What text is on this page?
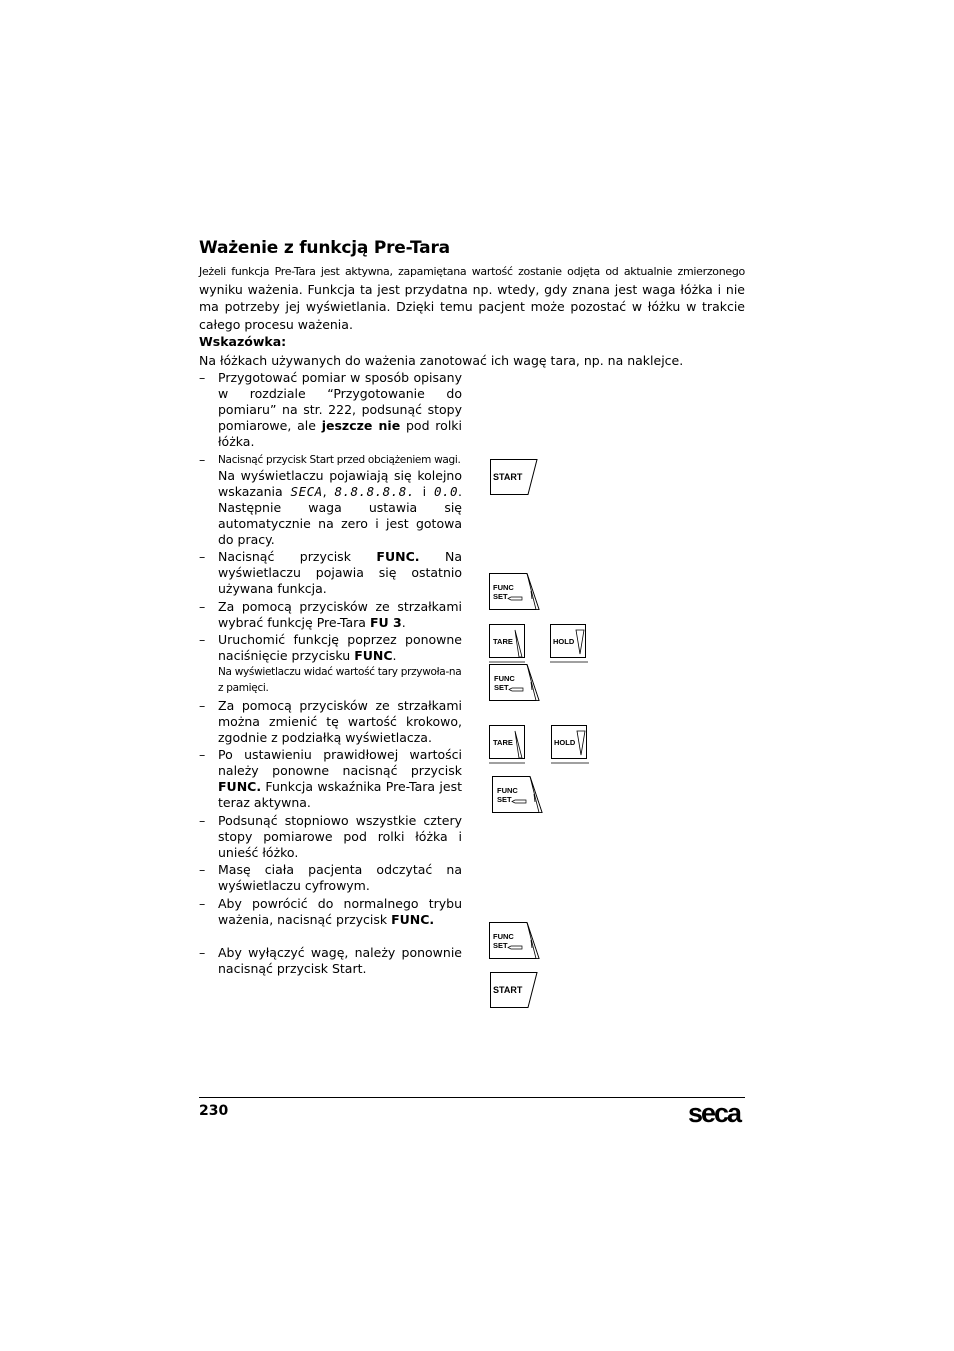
Ważenie z funkcją Pre-Tara
Jeżeli funkcja Pre-Tara jest aktywna, zapamiętana wartość zostanie odjęta od aktualnie zmierzonego wyniku ważenia. Funkcja ta jest przydatna np. wtedy, gdy znana jest waga łóżka i nie ma potrzeby jej wyświetlania. Dzięki temu pacjent może pozostać w łóżku w trakcie całego procesu ważenia.
Wskazówka:
Na łóżkach używanych do ważenia zanotować ich wagę tara, np. na naklejce.
– Przygotować pomiar w sposób opisany w rozdziale “Przygotowanie do pomiaru” na str. 222, podsunąć stopy pomiarowe, ale jeszcze nie pod rolki łóżka.
– Nacisnąć przycisk Start przed obciążeniem wagi.
Na wyświetlaczu pojawiają się kolejno wskazania SECA, 8.8.8.8.8. i 0.0. Następnie waga ustawia się automatycznie na zero i jest gotowa do pracy.
– Nacisnąć przycisk FUNC. Na wyświetlaczu pojawia się ostatnio używana funkcja.
– Za pomocą przycisków ze strzałkami wybrać funkcję Pre-Tara FU 3.
– Uruchomić funkcję poprzez ponowne naciśnięcie przycisku FUNC.
Na wyświetlaczu widać wartość tary przywoła-na z pamięci.
– Za pomocą przycisków ze strzałkami można zmienić tę wartość krokowo, zgodnie z podziałką wyświetlacza.
– Po ustawieniu prawidłowej wartości należy ponowne nacisnąć przycisk FUNC. Funkcja wskaźnika Pre-Tara jest teraz aktywna.
– Podsunąć stopniowo wszystkie cztery stopy pomiarowe pod rolki łóżka i unieść łóżko.
– Masę ciała pacjenta odczytać na wyświetlaczu cyfrowym.
– Aby powrócić do normalnego trybu ważenia, nacisnąć przycisk FUNC.
– Aby wyłączyć wagę, należy ponownie nacisnąć przycisk Start.
START
FUNC
SET
TARE	HOLD
FUNC
SET
TARE	HOLD
FUNC
SET
FUNC
SET
START
230	seca
